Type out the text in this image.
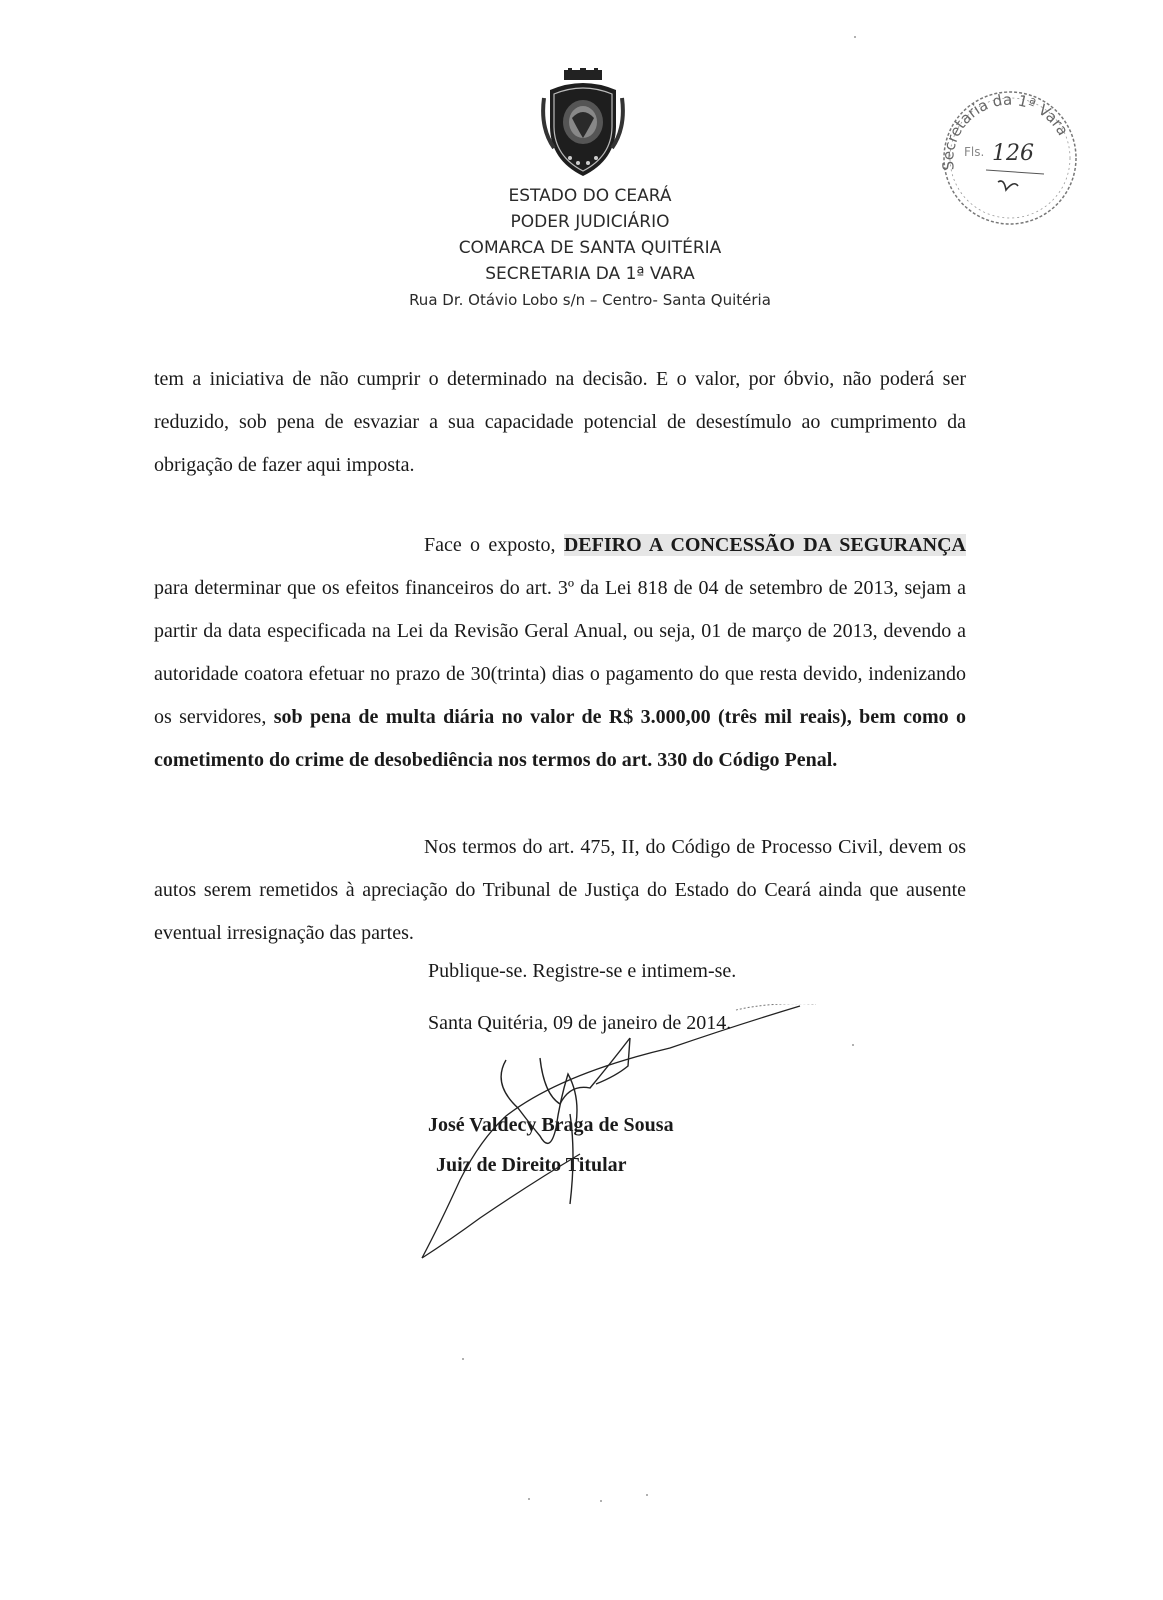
ESTADO DO CEARÁ
PODER JUDICIÁRIO
COMARCA DE SANTA QUITÉRIA
SECRETARIA DA 1ª VARA
Rua Dr. Otávio Lobo s/n – Centro- Santa Quitéria
Secretaria da 1ª Vara
Fls. 126
tem a iniciativa de não cumprir o determinado na decisão. E o valor, por óbvio, não poderá ser reduzido, sob pena de esvaziar a sua capacidade potencial de desestímulo ao cumprimento da obrigação de fazer aqui imposta.
Face o exposto, DEFIRO A CONCESSÃO DA SEGURANÇA para determinar que os efeitos financeiros do art. 3º da Lei 818 de 04 de setembro de 2013, sejam a partir da data especificada na Lei da Revisão Geral Anual, ou seja, 01 de março de 2013, devendo a autoridade coatora efetuar no prazo de 30(trinta) dias o pagamento do que resta devido, indenizando os servidores, sob pena de multa diária no valor de R$ 3.000,00 (três mil reais), bem como o cometimento do crime de desobediência nos termos do art. 330 do Código Penal.
Nos termos do art. 475, II, do Código de Processo Civil, devem os autos serem remetidos à apreciação do Tribunal de Justiça do Estado do Ceará ainda que ausente eventual irresignação das partes.
Publique-se. Registre-se e intimem-se.
Santa Quitéria, 09 de janeiro de 2014.
José Valdecy Braga de Sousa
Juiz de Direito Titular
